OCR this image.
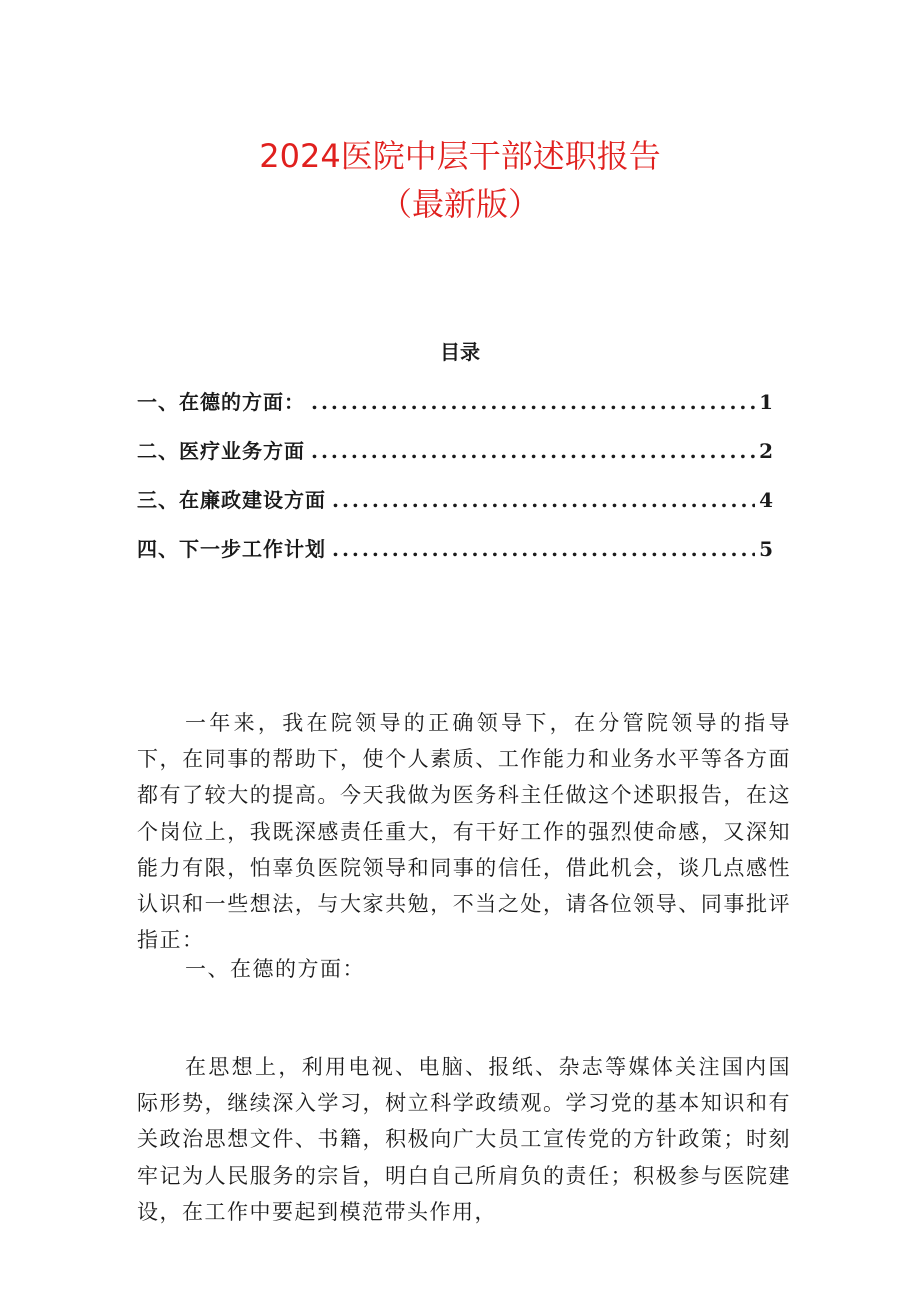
2024医院中层干部述职报告
（最新版）
目录
一、在德的方面： .....	1
二、医疗业务方面 .....	2
三、在廉政建设方面 .....	4
四、下一步工作计划 .....	5

一年来，我在院领导的正确领导下，在分管院领导的指导下，在同事的帮助下，使个人素质、工作能力和业务水平等各方面都有了较大的提高。今天我做为医务科主任做这个述职报告，在这个岗位上，我既深感责任重大，有干好工作的强烈使命感，又深知能力有限，怕辜负医院领导和同事的信任，借此机会，谈几点感性认识和一些想法，与大家共勉，不当之处，请各位领导、同事批评指正：

一、在德的方面：

在思想上，利用电视、电脑、报纸、杂志等媒体关注国内国际形势，继续深入学习，树立科学政绩观。学习党的基本知识和有关政治思想文件、书籍，积极向广大员工宣传党的方针政策；时刻牢记为人民服务的宗旨，明白自己所肩负的责任；积极参与医院建设，在工作中要起到模范带头作用，
